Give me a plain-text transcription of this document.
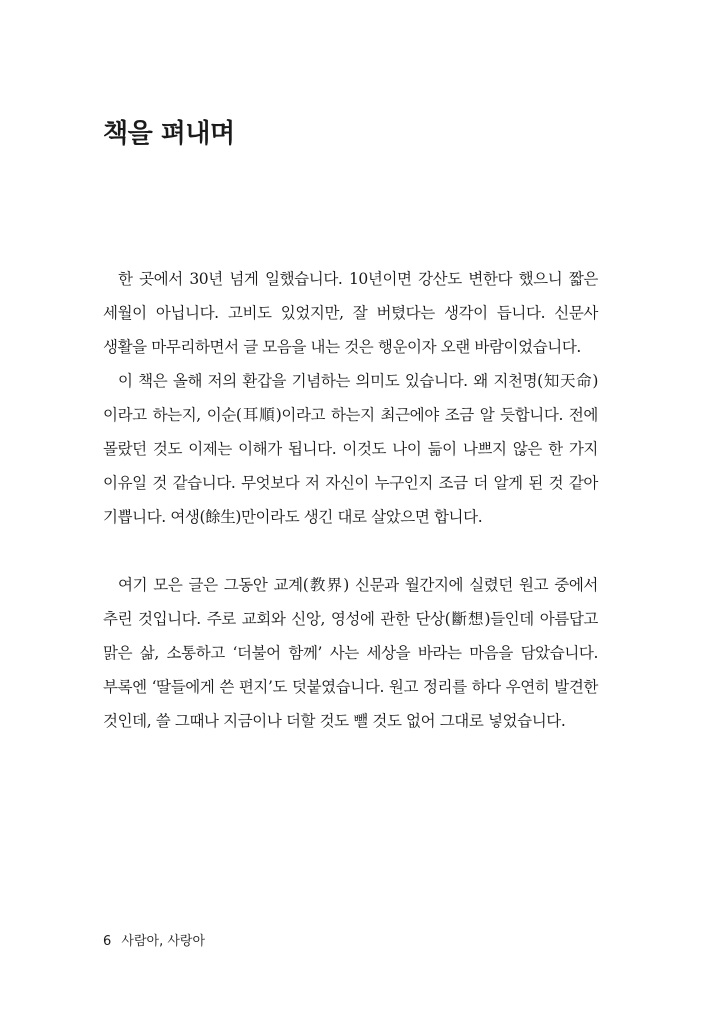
책을 펴내며

한 곳에서 30년 넘게 일했습니다. 10년이면 강산도 변한다 했으니 짧은 세월이 아닙니다. 고비도 있었지만, 잘 버텼다는 생각이 듭니다. 신문사 생활을 마무리하면서 글 모음을 내는 것은 행운이자 오랜 바람이었습니다.

이 책은 올해 저의 환갑을 기념하는 의미도 있습니다. 왜 지천명(知天命)이라고 하는지, 이순(耳順)이라고 하는지 최근에야 조금 알 듯합니다. 전에 몰랐던 것도 이제는 이해가 됩니다. 이것도 나이 듦이 나쁘지 않은 한 가지 이유일 것 같습니다. 무엇보다 저 자신이 누구인지 조금 더 알게 된 것 같아 기쁩니다. 여생(餘生)만이라도 생긴 대로 살았으면 합니다.

여기 모은 글은 그동안 교계(教界) 신문과 월간지에 실렸던 원고 중에서 추린 것입니다. 주로 교회와 신앙, 영성에 관한 단상(斷想)들인데 아름답고 맑은 삶, 소통하고 ‘더불어 함께’ 사는 세상을 바라는 마음을 담았습니다. 부록엔 ‘딸들에게 쓴 편지’도 덧붙였습니다. 원고 정리를 하다 우연히 발견한 것인데, 쓸 그때나 지금이나 더할 것도 뺄 것도 없어 그대로 넣었습니다.

6 사람아, 사랑아
